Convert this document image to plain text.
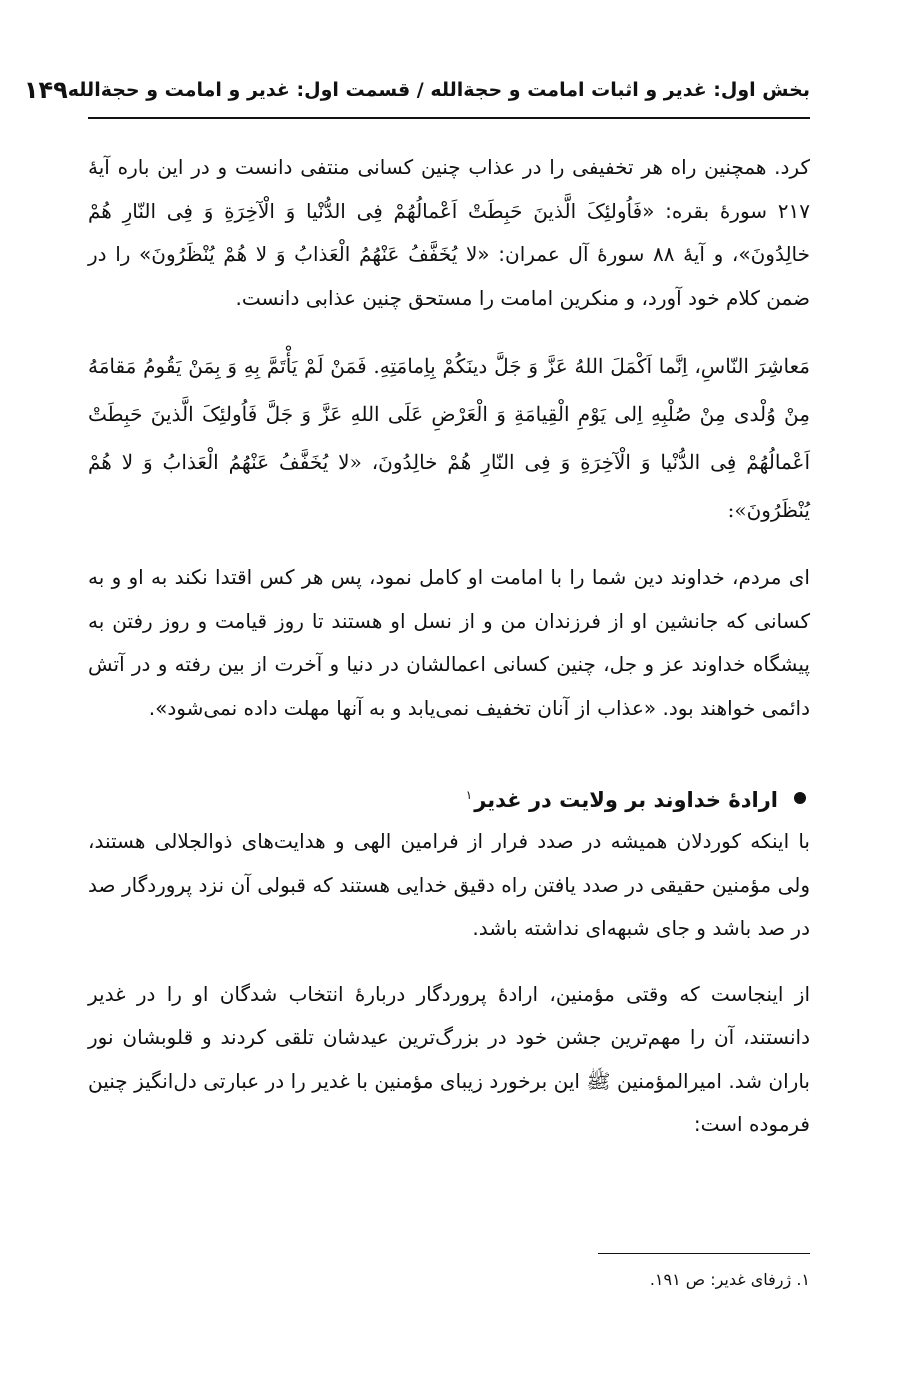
بخش اول: غدیر و اثبات امامت و حجةالله / قسمت اول: غدیر و امامت و حجةالله
۱۴۹

کرد. همچنین راه هر تخفیفی را در عذاب چنین کسانی منتفی دانست و در این باره آیهٔ ۲۱۷ سورهٔ بقره: «فَاُولئِکَ الَّذینَ حَبِطَتْ اَعْمالُهُمْ فِی الدُّنْیا وَ الْآخِرَةِ وَ فِی النّارِ هُمْ خالِدُونَ»، و آیهٔ ۸۸ سورهٔ آل عمران: «لا یُخَفَّفُ عَنْهُمُ الْعَذابُ وَ لا هُمْ یُنْظَرُونَ» را در ضمن کلام خود آورد، و منکرین امامت را مستحق چنین عذابی دانست.

مَعاشِرَ النّاسِ، اِنَّما اَکْمَلَ اللهُ عَزَّ وَ جَلَّ دینَکُمْ بِاِمامَتِهِ. فَمَنْ لَمْ یَأْتَمَّ بِهِ وَ بِمَنْ یَقُومُ مَقامَهُ مِنْ وُلْدی مِنْ صُلْبِهِ اِلی یَوْمِ الْقِیامَةِ وَ الْعَرْضِ عَلَی اللهِ عَزَّ وَ جَلَّ فَاُولئِکَ الَّذینَ حَبِطَتْ اَعْمالُهُمْ فِی الدُّنْیا وَ الْآخِرَةِ وَ فِی النّارِ هُمْ خالِدُونَ، «لا یُخَفَّفُ عَنْهُمُ الْعَذابُ وَ لا هُمْ یُنْظَرُونَ»:

ای مردم، خداوند دین شما را با امامت او کامل نمود، پس هر کس اقتدا نکند به او و به کسانی که جانشین او از فرزندان من و از نسل او هستند تا روز قیامت و روز رفتن به پیشگاه خداوند عز و جل، چنین کسانی اعمالشان در دنیا و آخرت از بین رفته و در آتش دائمی خواهند بود. «عذاب از آنان تخفیف نمی‌یابد و به آنها مهلت داده نمی‌شود».

ارادهٔ خداوند بر ولایت در غدیر$^۱$

با اینکه کوردلان همیشه در صدد فرار از فرامین الهی و هدایت‌های ذوالجلالی هستند، ولی مؤمنین حقیقی در صدد یافتن راه دقیق خدایی هستند که قبولی آن نزد پروردگار صد در صد باشد و جای شبهه‌ای نداشته باشد.

از اینجاست که وقتی مؤمنین، ارادهٔ پروردگار دربارهٔ انتخاب شدگان او را در غدیر دانستند، آن را مهم‌ترین جشن خود در بزرگ‌ترین عیدشان تلقی کردند و قلوبشان نور باران شد. امیرالمؤمنین ﷺ این برخورد زیبای مؤمنین با غدیر را در عبارتی دل‌انگیز چنین فرموده است:

۱. ژرفای غدیر: ص ۱۹۱.
